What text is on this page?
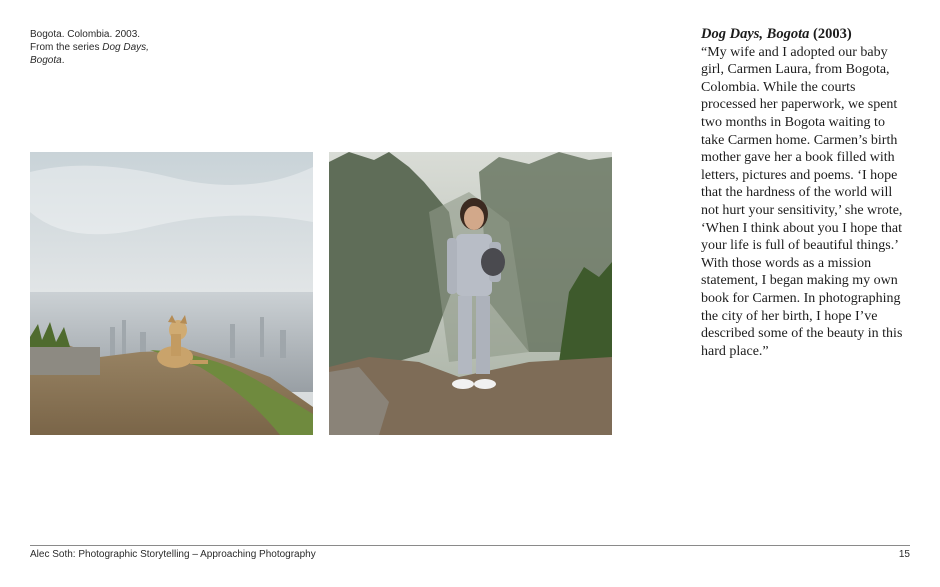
Bogota. Colombia. 2003.
From the series Dog Days, Bogota.
Dog Days, Bogota (2003)
“My wife and I adopted our baby girl, Carmen Laura, from Bogota, Colombia. While the courts processed her paperwork, we spent two months in Bogota waiting to take Carmen home. Carmen’s birth mother gave her a book filled with letters, pictures and poems. ‘I hope that the hardness of the world will not hurt your sensitivity,’ she wrote, ‘When I think about you I hope that your life is full of beautiful things.’ With those words as a mission statement, I began making my own book for Carmen. In photographing the city of her birth, I hope I’ve described some of the beauty in this hard place.”
Alec Soth: Photographic Storytelling – Approaching Photography	15
